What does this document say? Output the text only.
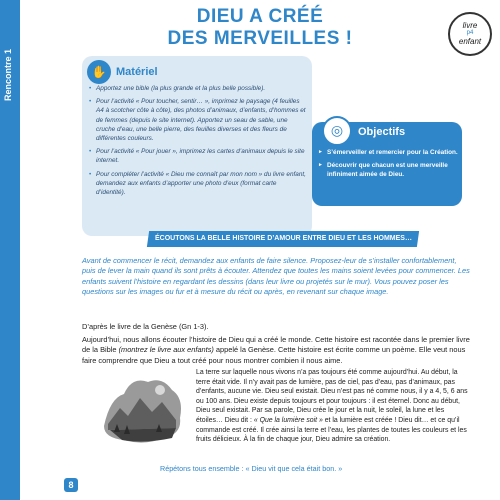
Rencontre 1
DIEU A CRÉÉ
DES MERVEILLES !
livre
p4
enfant
✋ Matériel
• Apportez une bible (la plus grande et la plus belle possible).
• Pour l’activité « Pour toucher, sentir… », imprimez le paysage (4 feuilles A4 à scotcher côte à côte), des photos d’animaux, d’enfants, d’hommes et de femmes (depuis le site internet). Apportez un seau de sable, une cruche d’eau, une belle pierre, des feuilles diverses et des fleurs de différentes couleurs.
• Pour l’activité « Pour jouer », imprimez les cartes d’animaux depuis le site internet.
• Pour compléter l’activité « Dieu me connaît par mon nom » du livre enfant, demandez aux enfants d’apporter une photo d’eux (format carte d’identité).
◎	Objectifs
► S’émerveiller et remercier pour la Création.
► Découvrir que chacun est une merveille infiniment aimée de Dieu.
ÉCOUTONS LA BELLE HISTOIRE D’AMOUR ENTRE DIEU ET LES HOMMES…

Avant de commencer le récit, demandez aux enfants de faire silence. Proposez-leur de s’installer confortablement, puis de lever la main quand ils sont prêts à écouter. Attendez que toutes les mains soient levées pour commencer. Les enfants suivent l’histoire en regardant les dessins (dans leur livre ou projetés sur le mur). Vous pouvez poser les questions sur les images ou fur et à mesure du récit ou après, en revenant sur chaque image.

D’après le livre de la Genèse (Gn 1-3).

Aujourd’hui, nous allons écouter l’histoire de Dieu qui a créé le monde. Cette histoire est racontée dans le premier livre de la Bible (montrez le livre aux enfants) appelé la Genèse. Cette histoire est écrite comme un poème. Elle veut nous faire comprendre que Dieu a tout créé pour nous montrer combien il nous aime.

La terre sur laquelle nous vivons n’a pas toujours été comme aujourd’hui. Au début, la terre était vide. Il n’y avait pas de lumière, pas de ciel, pas d’eau, pas d’animaux, pas d’enfants, aucune vie. Dieu seul existait. Dieu n’est pas né comme nous, il y a 4, 5, 6 ans ou 100 ans. Dieu existe depuis toujours et pour toujours : il est éternel. Donc au début, Dieu seul existait. Par sa parole, Dieu crée le jour et la nuit, le soleil, la lune et les étoiles… Dieu dit : « Que la lumière soit » et la lumière est créée ! Dieu dit… et ce qu’il commande est créé. Il crée ainsi la terre et l’eau, les plantes de toutes les couleurs et les fruits délicieux. À la fin de chaque jour, Dieu admire sa création.

Répétons tous ensemble : « Dieu vit que cela était bon. »

8
